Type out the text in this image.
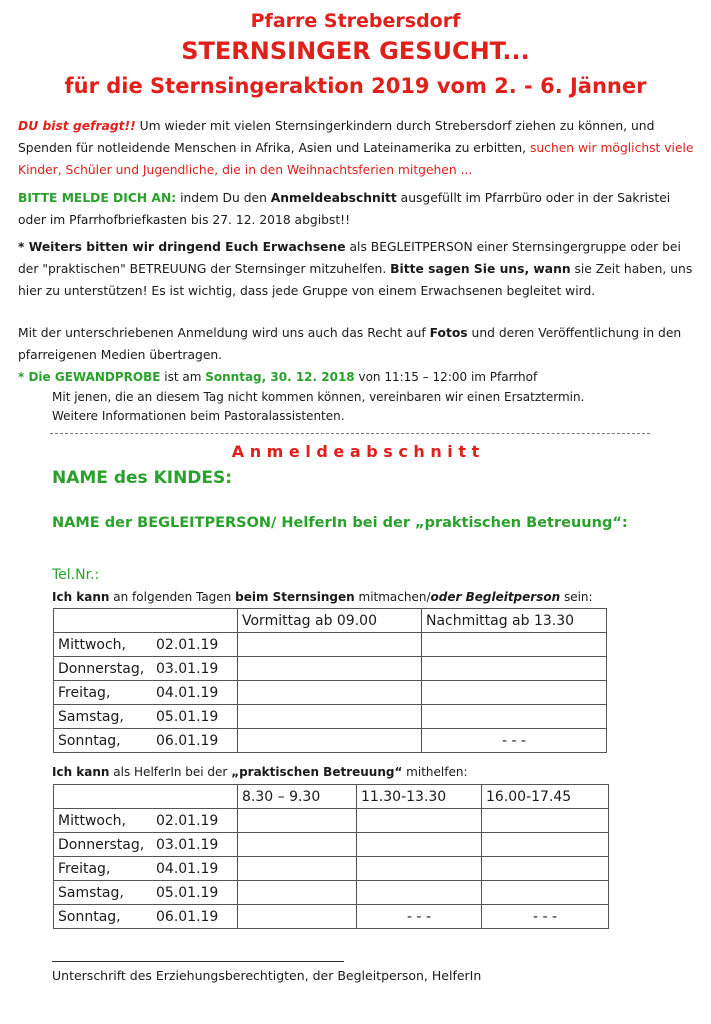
Pfarre Strebersdorf
STERNSINGER GESUCHT...
für die Sternsingeraktion 2019 vom 2. - 6. Jänner
DU bist gefragt!! Um wieder mit vielen Sternsingerkindern durch Strebersdorf ziehen zu können, und Spenden für notleidende Menschen in Afrika, Asien und Lateinamerika zu erbitten, suchen wir möglichst viele Kinder, Schüler und Jugendliche, die in den Weihnachtsferien mitgehen ...
BITTE MELDE DICH AN: indem Du den Anmeldeabschnitt ausgefüllt im Pfarrbüro oder in der Sakristei oder im Pfarrhofbriefkasten bis 27. 12. 2018 abgibst!!
* Weiters bitten wir dringend Euch Erwachsene als BEGLEITPERSON einer Sternsingergruppe oder bei der "praktischen" BETREUUNG der Sternsinger mitzuhelfen. Bitte sagen Sie uns, wann sie Zeit haben, uns hier zu unterstützen! Es ist wichtig, dass jede Gruppe von einem Erwachsenen begleitet wird.
Mit der unterschriebenen Anmeldung wird uns auch das Recht auf Fotos und deren Veröffentlichung in den pfarreigenen Medien übertragen.
* Die GEWANDPROBE ist am Sonntag, 30. 12. 2018 von 11:15 – 12:00 im Pfarrhof
Mit jenen, die an diesem Tag nicht kommen können, vereinbaren wir einen Ersatztermin.
Weitere Informationen beim Pastoralassistenten.
A n m e l d e a b s c h n i t t
NAME des KINDES:
NAME der BEGLEITPERSON/ HelferIn bei der „praktischen Betreuung“:
Tel.Nr.:
Ich kann an folgenden Tagen beim Sternsingen mitmachen/oder Begleitperson sein:
	Vormittag ab 09.00	Nachmittag ab 13.30
Mittwoch, 02.01.19		
Donnerstag, 03.01.19		
Freitag, 04.01.19		
Samstag, 05.01.19		
Sonntag, 06.01.19		- - -
Ich kann als HelferIn bei der „praktischen Betreuung“ mithelfen:
	8.30 – 9.30	11.30-13.30	16.00-17.45
Mittwoch, 02.01.19			
Donnerstag, 03.01.19			
Freitag, 04.01.19			
Samstag, 05.01.19			
Sonntag, 06.01.19		- - -	- - -
Unterschrift des Erziehungsberechtigten, der Begleitperson, HelferIn
